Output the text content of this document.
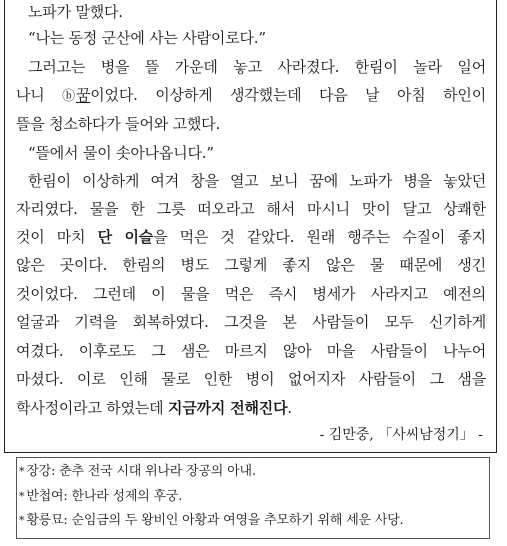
노파가 말했다.
“나는 동정 군산에 사는 사람이로다.”
그러고는 병을 뜰 가운데 놓고 사라졌다. 한림이 놀라 일어
나니 ⓑ꿈이었다. 이상하게 생각했는데 다음 날 아침 하인이
뜰을 청소하다가 들어와 고했다.
“뜰에서 물이 솟아나옵니다.”
한림이 이상하게 여겨 창을 열고 보니 꿈에 노파가 병을 놓았던
자리였다. 물을 한 그릇 떠오라고 해서 마시니 맛이 달고 상쾌한
것이 마치 단 이슬을 먹은 것 같았다. 원래 행주는 수질이 좋지
않은 곳이다. 한림의 병도 그렇게 좋지 않은 물 때문에 생긴
것이었다. 그런데 이 물을 먹은 즉시 병세가 사라지고 예전의
얼굴과 기력을 회복하였다. 그것을 본 사람들이 모두 신기하게
여겼다. 이후로도 그 샘은 마르지 않아 마을 사람들이 나누어
마셨다. 이로 인해 물로 인한 병이 없어지자 사람들이 그 샘을
학사정이라고 하였는데 지금까지 전해진다.
- 김만중, 「사씨남정기」 -
* 장강: 춘추 전국 시대 위나라 장공의 아내.
* 반첩여: 한나라 성제의 후궁.
* 황릉묘: 순임금의 두 왕비인 아황과 여영을 추모하기 위해 세운 사당.
